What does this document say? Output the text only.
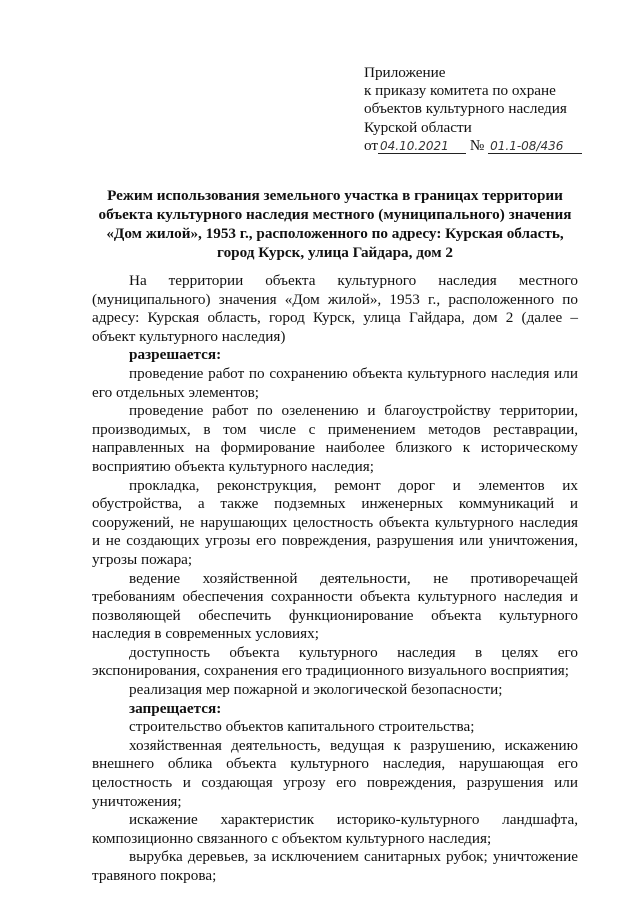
Приложение
к приказу комитета по охране
объектов культурного наследия
Курской области
от 04.10.2021 № 01.1-08/436
Режим использования земельного участка в границах территории
объекта культурного наследия местного (муниципального) значения
«Дом жилой», 1953 г., расположенного по адресу: Курская область,
город Курск, улица Гайдара, дом 2

На территории объекта культурного наследия местного (муниципального) значения «Дом жилой», 1953 г., расположенного по адресу: Курская область, город Курск, улица Гайдара, дом 2 (далее – объект культурного наследия)

разрешается:

проведение работ по сохранению объекта культурного наследия или его отдельных элементов;

проведение работ по озеленению и благоустройству территории, производимых, в том числе с применением методов реставрации, направленных на формирование наиболее близкого к историческому восприятию объекта культурного наследия;

прокладка, реконструкция, ремонт дорог и элементов их обустройства, а также подземных инженерных коммуникаций и сооружений, не нарушающих целостность объекта культурного наследия и не создающих угрозы его повреждения, разрушения или уничтожения, угрозы пожара;

ведение хозяйственной деятельности, не противоречащей требованиям обеспечения сохранности объекта культурного наследия и позволяющей обеспечить функционирование объекта культурного наследия в современных условиях;

доступность объекта культурного наследия в целях его экспонирования, сохранения его традиционного визуального восприятия;

реализация мер пожарной и экологической безопасности;

запрещается:

строительство объектов капитального строительства;

хозяйственная деятельность, ведущая к разрушению, искажению внешнего облика объекта культурного наследия, нарушающая его целостность и создающая угрозу его повреждения, разрушения или уничтожения;

искажение характеристик историко-культурного ландшафта, композиционно связанного с объектом культурного наследия;

вырубка деревьев, за исключением санитарных рубок; уничтожение травяного покрова;
